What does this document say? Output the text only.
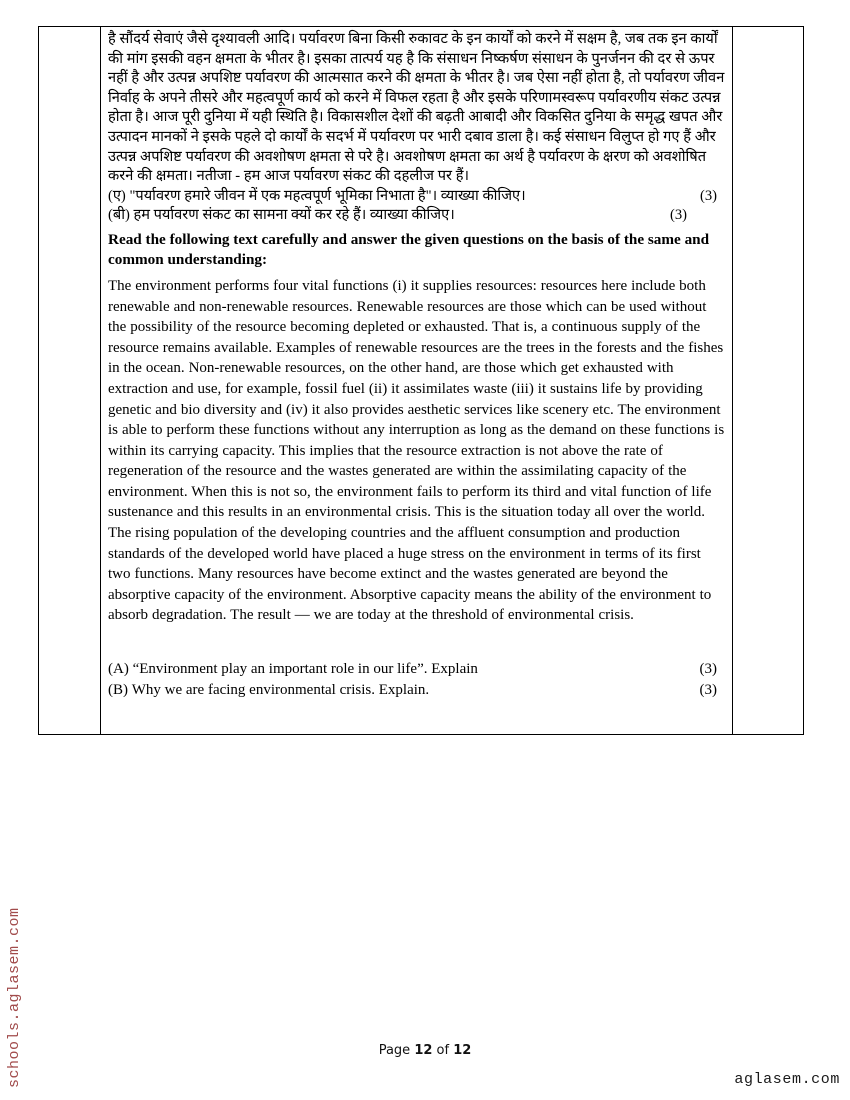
schools.aglasem.com

है सौंदर्य सेवाएं जैसे दृश्यावली आदि। पर्यावरण बिना किसी रुकावट के इन कार्यों को करने में सक्षम है, जब तक इन कार्यों की मांग इसकी वहन क्षमता के भीतर है। इसका तात्पर्य यह है कि संसाधन निष्कर्षण संसाधन के पुनर्जनन की दर से ऊपर नहीं है और उत्पन्न अपशिष्ट पर्यावरण की आत्मसात करने की क्षमता के भीतर है। जब ऐसा नहीं होता है, तो पर्यावरण जीवन निर्वाह के अपने तीसरे और महत्वपूर्ण कार्य को करने में विफल रहता है और इसके परिणामस्वरूप पर्यावरणीय संकट उत्पन्न होता है। आज पूरी दुनिया में यही स्थिति है। विकासशील देशों की बढ़ती आबादी और विकसित दुनिया के समृद्ध खपत और उत्पादन मानकों ने इसके पहले दो कार्यों के सदर्भ में पर्यावरण पर भारी दबाव डाला है। कई संसाधन विलुप्त हो गए हैं और उत्पन्न अपशिष्ट पर्यावरण की अवशोषण क्षमता से परे है। अवशोषण क्षमता का अर्थ है पर्यावरण के क्षरण को अवशोषित करने की क्षमता। नतीजा - हम आज पर्यावरण संकट की दहलीज पर हैं।
(ए) "पर्यावरण हमारे जीवन में एक महत्वपूर्ण भूमिका निभाता है"। व्याख्या कीजिए।	(3)
(बी) हम पर्यावरण संकट का सामना क्यों कर रहे हैं। व्याख्या कीजिए।	(3)
Read the following text carefully and answer the given questions on the basis of the same and common understanding:
The environment performs four vital functions (i) it supplies resources: resources here include both renewable and non-renewable resources. Renewable resources are those which can be used without the possibility of the resource becoming depleted or exhausted. That is, a continuous supply of the resource remains available. Examples of renewable resources are the trees in the forests and the fishes in the ocean. Non-renewable resources, on the other hand, are those which get exhausted with extraction and use, for example, fossil fuel (ii) it assimilates waste (iii) it sustains life by providing genetic and bio diversity and (iv) it also provides aesthetic services like scenery etc. The environment is able to perform these functions without any interruption as long as the demand on these functions is within its carrying capacity. This implies that the resource extraction is not above the rate of regeneration of the resource and the wastes generated are within the assimilating capacity of the environment. When this is not so, the environment fails to perform its third and vital function of life sustenance and this results in an environmental crisis. This is the situation today all over the world. The rising population of the developing countries and the affluent consumption and production standards of the developed world have placed a huge stress on the environment in terms of its first two functions. Many resources have become extinct and the wastes generated are beyond the absorptive capacity of the environment. Absorptive capacity means the ability of the environment to absorb degradation. The result — we are today at the threshold of environmental crisis.
(A) “Environment play an important role in our life”. Explain	(3)
(B) Why we are facing environmental crisis. Explain.	(3)

Page 12 of 12
aglasem.com
